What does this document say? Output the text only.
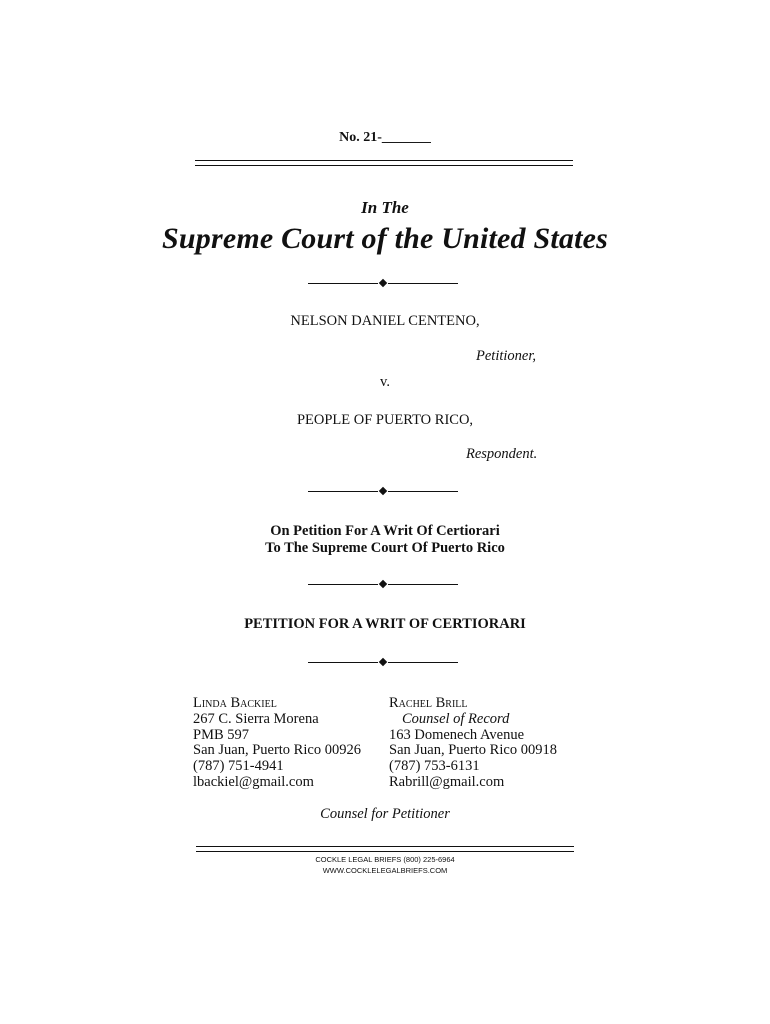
No. 21-_______
In The
Supreme Court of the United States
NELSON DANIEL CENTENO,
Petitioner,
v.
PEOPLE OF PUERTO RICO,
Respondent.
On Petition For A Writ Of Certiorari
To The Supreme Court Of Puerto Rico
PETITION FOR A WRIT OF CERTIORARI
Linda Backiel
267 C. Sierra Morena
PMB 597
San Juan, Puerto Rico 00926
(787) 751-4941
lbackiel@gmail.com
Rachel Brill
Counsel of Record
163 Domenech Avenue
San Juan, Puerto Rico 00918
(787) 753-6131
Rabrill@gmail.com
Counsel for Petitioner
COCKLE LEGAL BRIEFS (800) 225-6964
WWW.COCKLELEGALBRIEFS.COM
